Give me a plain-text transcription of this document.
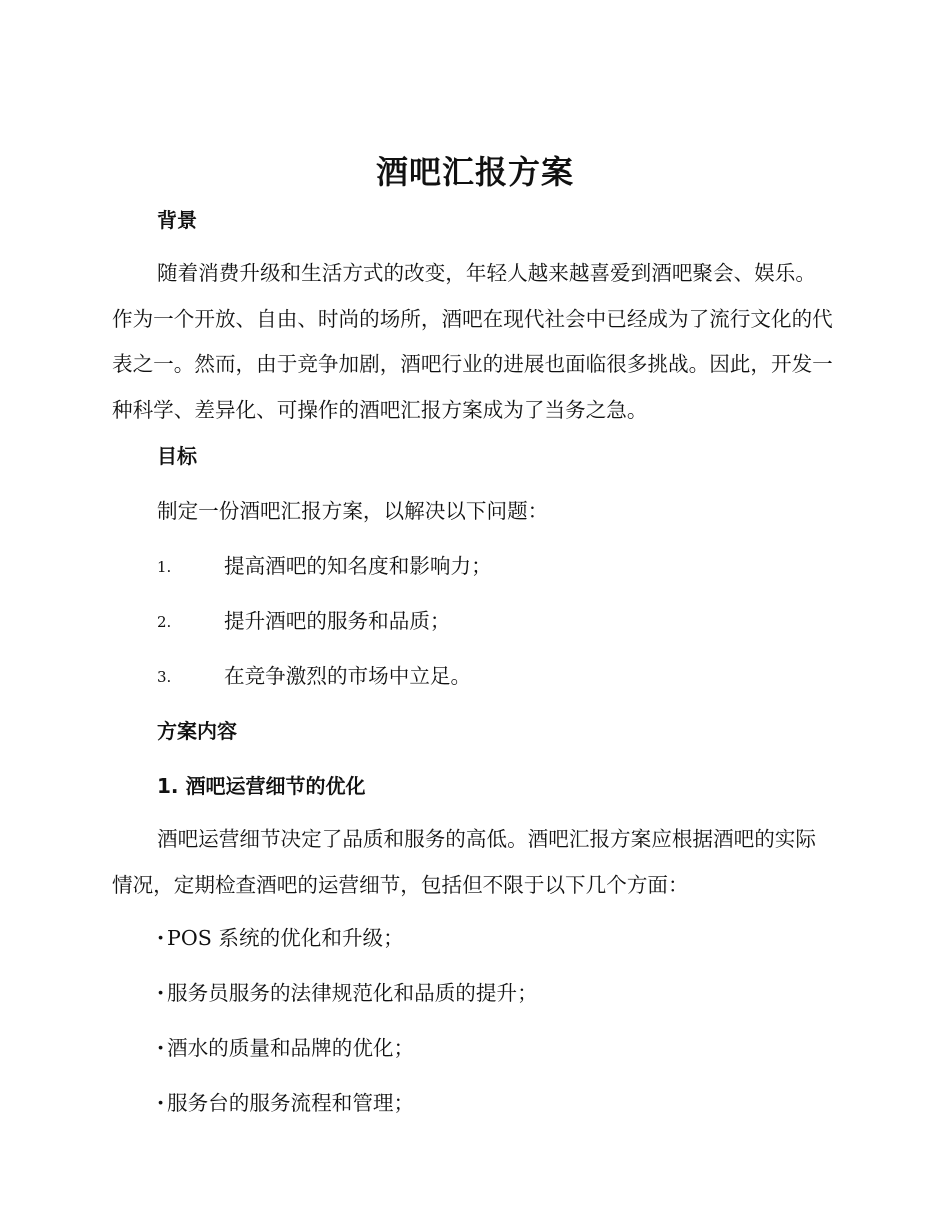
酒吧汇报方案
背景

随着消费升级和生活方式的改变，年轻人越来越喜爱到酒吧聚会、娱乐。作为一个开放、自由、时尚的场所，酒吧在现代社会中已经成为了流行文化的代表之一。然而，由于竞争加剧，酒吧行业的进展也面临很多挑战。因此，开发一种科学、差异化、可操作的酒吧汇报方案成为了当务之急。

目标
制定一份酒吧汇报方案，以解决以下问题：
1.	提高酒吧的知名度和影响力；
2.	提升酒吧的服务和品质；
3.	在竞争激烈的市场中立足。
方案内容
1. 酒吧运营细节的优化

酒吧运营细节决定了品质和服务的高低。酒吧汇报方案应根据酒吧的实际情况，定期检查酒吧的运营细节，包括但不限于以下几个方面：

· POS 系统的优化和升级；
· 服务员服务的法律规范化和品质的提升；
· 酒水的质量和品牌的优化；
· 服务台的服务流程和管理；
